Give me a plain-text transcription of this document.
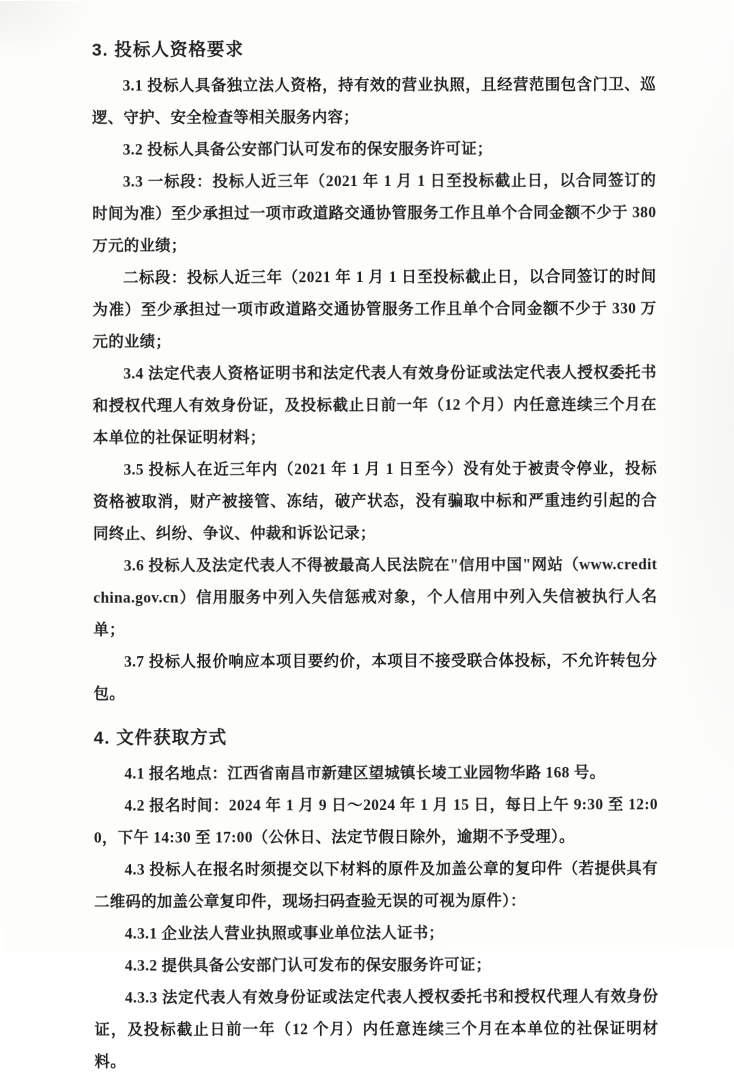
3. 投标人资格要求

3.1 投标人具备独立法人资格，持有效的营业执照，且经营范围包含门卫、巡逻、守护、安全检查等相关服务内容；

3.2 投标人具备公安部门认可发布的保安服务许可证；

3.3 一标段：投标人近三年（2021 年 1 月 1 日至投标截止日，以合同签订的时间为准）至少承担过一项市政道路交通协管服务工作且单个合同金额不少于 380 万元的业绩；

二标段：投标人近三年（2021 年 1 月 1 日至投标截止日，以合同签订的时间为准）至少承担过一项市政道路交通协管服务工作且单个合同金额不少于 330 万元的业绩；

3.4 法定代表人资格证明书和法定代表人有效身份证或法定代表人授权委托书和授权代理人有效身份证，及投标截止日前一年（12 个月）内任意连续三个月在本单位的社保证明材料；

3.5 投标人在近三年内（2021 年 1 月 1 日至今）没有处于被责令停业，投标资格被取消，财产被接管、冻结，破产状态，没有骗取中标和严重违约引起的合同终止、纠纷、争议、仲裁和诉讼记录；

3.6 投标人及法定代表人不得被最高人民法院在"信用中国"网站（www.creditchina.gov.cn）信用服务中列入失信惩戒对象，个人信用中列入失信被执行人名单；

3.7 投标人报价响应本项目要约价，本项目不接受联合体投标，不允许转包分包。

4. 文件获取方式

4.1 报名地点：江西省南昌市新建区望城镇长堎工业园物华路 168 号。

4.2 报名时间：2024 年 1 月 9 日～2024 年 1 月 15 日，每日上午 9:30 至 12:00，下午 14:30 至 17:00（公休日、法定节假日除外，逾期不予受理）。

4.3 投标人在报名时须提交以下材料的原件及加盖公章的复印件（若提供具有二维码的加盖公章复印件，现场扫码查验无误的可视为原件）：

4.3.1 企业法人营业执照或事业单位法人证书；

4.3.2 提供具备公安部门认可发布的保安服务许可证；

4.3.3 法定代表人有效身份证或法定代表人授权委托书和授权代理人有效身份证，及投标截止日前一年（12 个月）内任意连续三个月在本单位的社保证明材料。
